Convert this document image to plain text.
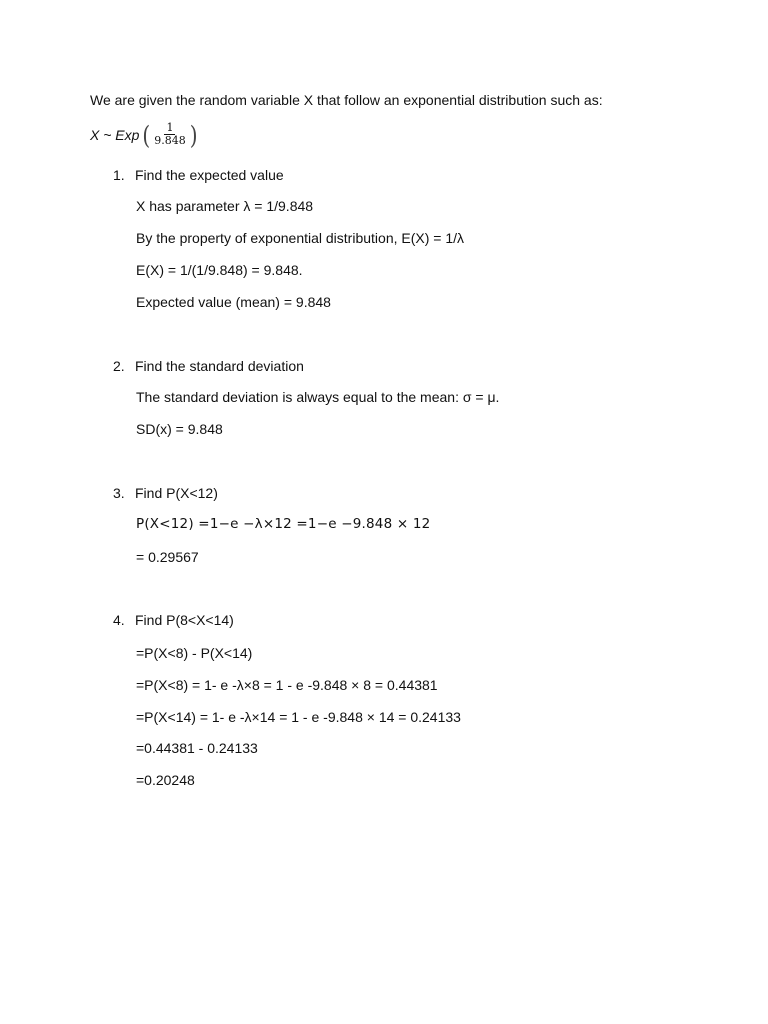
We are given the random variable X that follow an exponential distribution such as:
X ~ Exp ( $\frac{1}{9.848}$ )
1. Find the expected value
X has parameter λ = 1/9.848
By the property of exponential distribution, E(X) = 1/λ
E(X) = 1/(1/9.848) = 9.848.
Expected value (mean) = 9.848
2. Find the standard deviation
The standard deviation is always equal to the mean: σ = μ.
SD(x) = 9.848
3. Find P(X<12)
P(X<12) =1−e −λ×12 =1−e −9.848 × 12
= 0.29567
4. Find P(8<X<14)
=P(X<8) - P(X<14)
=P(X<8) = 1- e -λ×8 = 1 - e -9.848 × 8 = 0.44381
=P(X<14) = 1- e -λ×14 = 1 - e -9.848 × 14 = 0.24133
=0.44381 - 0.24133
=0.20248
